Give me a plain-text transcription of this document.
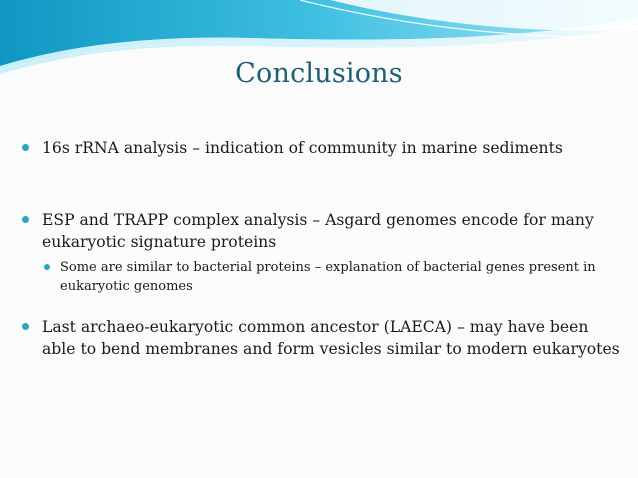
Conclusions
16s rRNA analysis – indication of community in marine sediments
ESP and TRAPP complex analysis – Asgard genomes encode for many eukaryotic signature proteins
Some are similar to bacterial proteins – explanation of bacterial genes present in eukaryotic genomes
Last archaeo-eukaryotic common ancestor (LAECA) – may have been able to bend membranes and form vesicles similar to modern eukaryotes
